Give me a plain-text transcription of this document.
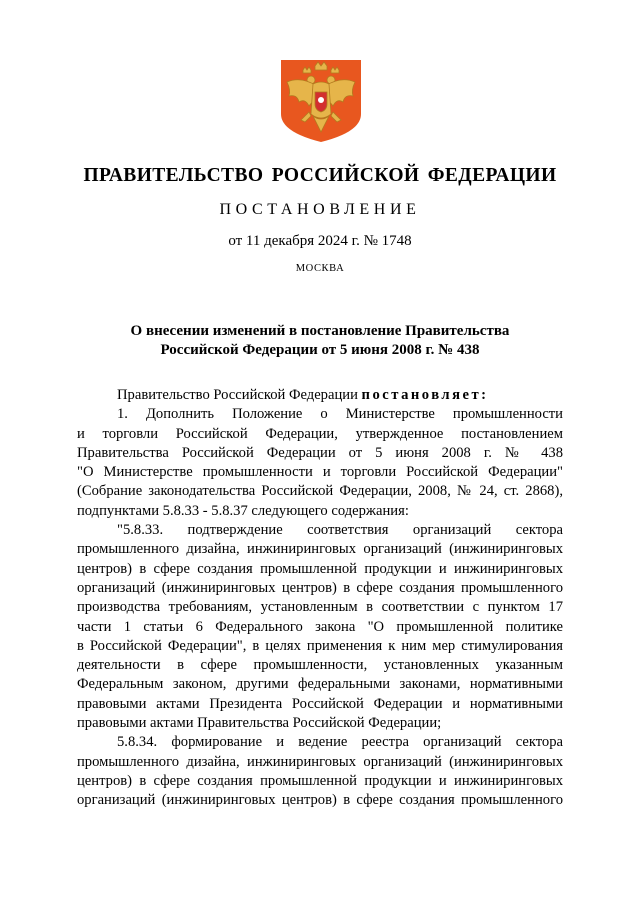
ПРАВИТЕЛЬСТВО РОССИЙСКОЙ ФЕДЕРАЦИИ
ПОСТАНОВЛЕНИЕ
от 11 декабря 2024 г. № 1748
МОСКВА
О внесении изменений в постановление Правительства
Российской Федерации от 5 июня 2008 г. № 438

Правительство Российской Федерации постановляет:

1. Дополнить Положение о Министерстве промышленности

и торговли Российской Федерации, утвержденное постановлением

Правительства Российской Федерации от 5 июня 2008 г. № 438

"О Министерстве промышленности и торговли Российской Федерации"

(Собрание законодательства Российской Федерации, 2008, № 24, ст. 2868),

подпунктами 5.8.33 - 5.8.37 следующего содержания:

"5.8.33. подтверждение соответствия организаций сектора

промышленного дизайна, инжиниринговых организаций (инжиниринговых

центров) в сфере создания промышленной продукции и инжиниринговых

организаций (инжиниринговых центров) в сфере создания промышленного

производства требованиям, установленным в соответствии с пунктом 17

части 1 статьи 6 Федерального закона "О промышленной политике

в Российской Федерации", в целях применения к ним мер стимулирования

деятельности в сфере промышленности, установленных указанным

Федеральным законом, другими федеральными законами, нормативными

правовыми актами Президента Российской Федерации и нормативными

правовыми актами Правительства Российской Федерации;

5.8.34. формирование и ведение реестра организаций сектора

промышленного дизайна, инжиниринговых организаций (инжиниринговых

центров) в сфере создания промышленной продукции и инжиниринговых

организаций (инжиниринговых центров) в сфере создания промышленного
